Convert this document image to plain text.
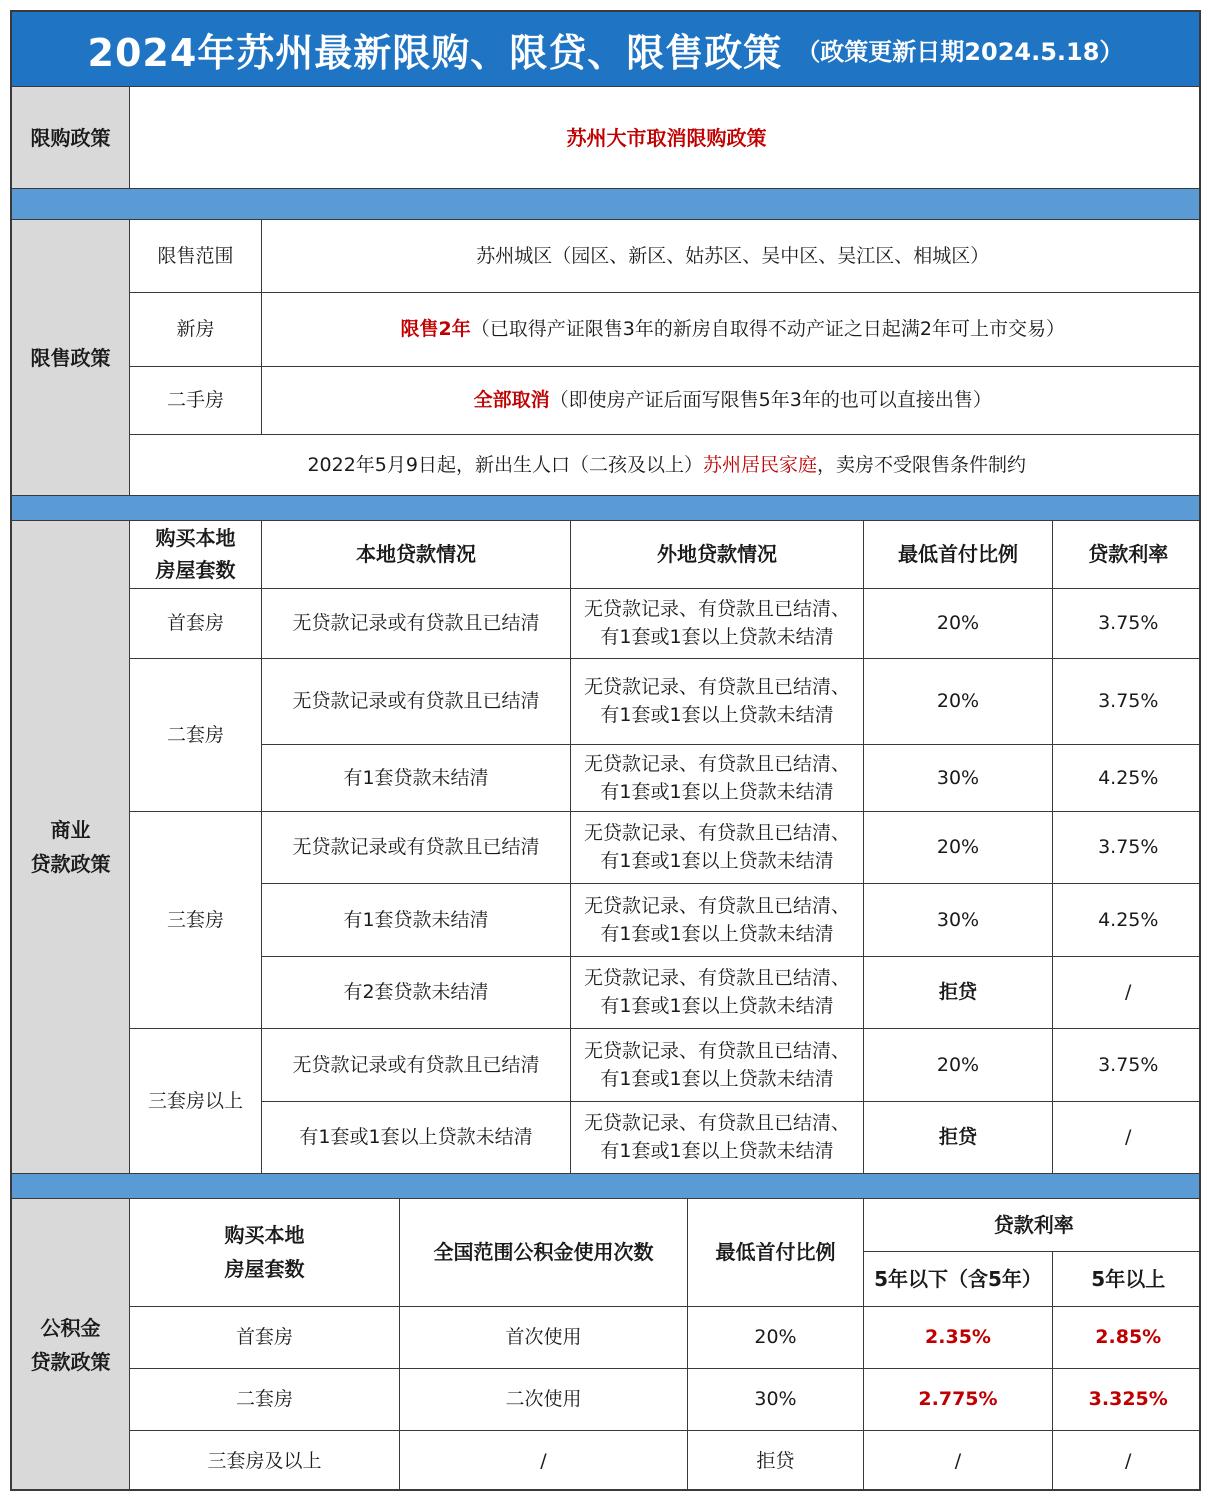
2024年苏州最新限购、限贷、限售政策 （政策更新日期2024.5.18）
限购政策	苏州大市取消限购政策
限售政策
限售范围	苏州城区（园区、新区、姑苏区、吴中区、吴江区、相城区）
新房	限售2年（已取得产证限售3年的新房自取得不动产证之日起满2年可上市交易）
二手房	全部取消（即使房产证后面写限售5年3年的也可以直接出售）
2022年5月9日起，新出生人口（二孩及以上）苏州居民家庭，卖房不受限售条件制约	
商业
贷款政策
购买本地
房屋套数	本地贷款情况	外地贷款情况	最低首付比例	贷款利率
首套房	无贷款记录或有贷款且已结清	无贷款记录、有贷款且已结清、
有1套或1套以上贷款未结清	20%	3.75%
二套房	无贷款记录或有贷款且已结清	无贷款记录、有贷款且已结清、
有1套或1套以上贷款未结清	20%	3.75%
	有1套贷款未结清	无贷款记录、有贷款且已结清、
有1套或1套以上贷款未结清	30%	4.25%
三套房	无贷款记录或有贷款且已结清	无贷款记录、有贷款且已结清、
有1套或1套以上贷款未结清	20%	3.75%
	有1套贷款未结清	无贷款记录、有贷款且已结清、
有1套或1套以上贷款未结清	30%	4.25%
	有2套贷款未结清	无贷款记录、有贷款且已结清、
有1套或1套以上贷款未结清	拒贷	/
三套房以上	无贷款记录或有贷款且已结清	无贷款记录、有贷款且已结清、
有1套或1套以上贷款未结清	20%	3.75%
	有1套或1套以上贷款未结清	无贷款记录、有贷款且已结清、
有1套或1套以上贷款未结清	拒贷	/
公积金
贷款政策
购买本地
房屋套数	全国范围公积金使用次数	最低首付比例	贷款利率	
			5年以下（含5年）	5年以上
首套房	首次使用	20%	2.35%	2.85%
二套房	二次使用	30%	2.775%	3.325%
三套房及以上	/	拒贷	/	/
